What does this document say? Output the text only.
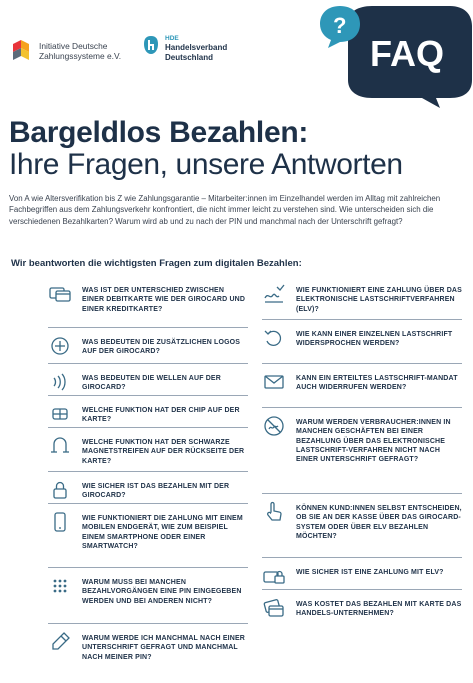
Initiative Deutsche
Zahlungssysteme e.V.
HDE
Handelsverband
Deutschland
?
FAQ
Bargeldlos Bezahlen:
Ihre Fragen, unsere Antworten
Von A wie Altersverifikation bis Z wie Zahlungsgarantie – Mitarbeiter:innen im Einzelhandel werden im Alltag mit zahlreichen Fachbegriffen aus dem Zahlungsverkehr konfrontiert, die nicht immer leicht zu verstehen sind. Wie unterscheiden sich die verschiedenen Bezahlkarten? Warum wird ab und zu nach der PIN und manchmal nach der Unterschrift gefragt?
Wir beantworten die wichtigsten Fragen zum digitalen Bezahlen:
WAS IST DER UNTERSCHIED ZWISCHEN EINER DEBITKARTE WIE DER GIROCARD UND EINER KREDITKARTE?
WAS BEDEUTEN DIE ZUSÄTZLICHEN LOGOS AUF DER GIROCARD?
WAS BEDEUTEN DIE WELLEN AUF DER GIROCARD?
WELCHE FUNKTION HAT DER CHIP AUF DER KARTE?
WELCHE FUNKTION HAT DER SCHWARZE MAGNETSTREIFEN AUF DER RÜCKSEITE DER KARTE?
WIE SICHER IST DAS BEZAHLEN MIT DER GIROCARD?
WIE FUNKTIONIERT DIE ZAHLUNG MIT EINEM MOBILEN ENDGERÄT, WIE ZUM BEISPIEL EINEM SMARTPHONE ODER EINER SMARTWATCH?
WARUM MUSS BEI MANCHEN BEZAHLVORGÄNGEN EINE PIN EINGEGEBEN WERDEN UND BEI ANDEREN NICHT?
WARUM WERDE ICH MANCHMAL NACH EINER UNTERSCHRIFT GEFRAGT UND MANCHMAL NACH MEINER PIN?
WIE FUNKTIONIERT EINE ZAHLUNG ÜBER DAS ELEKTRONISCHE LASTSCHRIFTVERFAHREN (ELV)?
WIE KANN EINER EINZELNEN LASTSCHRIFT WIDERSPROCHEN WERDEN?
KANN EIN ERTEILTES LASTSCHRIFT-MANDAT AUCH WIDERRUFEN WERDEN?
WARUM WERDEN VERBRAUCHER:INNEN IN MANCHEN GESCHÄFTEN BEI EINER BEZAHLUNG ÜBER DAS ELEKTRONISCHE LASTSCHRIFT-VERFAHREN NICHT NACH EINER UNTERSCHRIFT GEFRAGT?
KÖNNEN KUND:INNEN SELBST ENTSCHEIDEN, OB SIE AN DER KASSE ÜBER DAS GIROCARD-SYSTEM ODER ÜBER ELV BEZAHLEN MÖCHTEN?
WIE SICHER IST EINE ZAHLUNG MIT ELV?
WAS KOSTET DAS BEZAHLEN MIT KARTE DAS HANDELS-UNTERNEHMEN?
